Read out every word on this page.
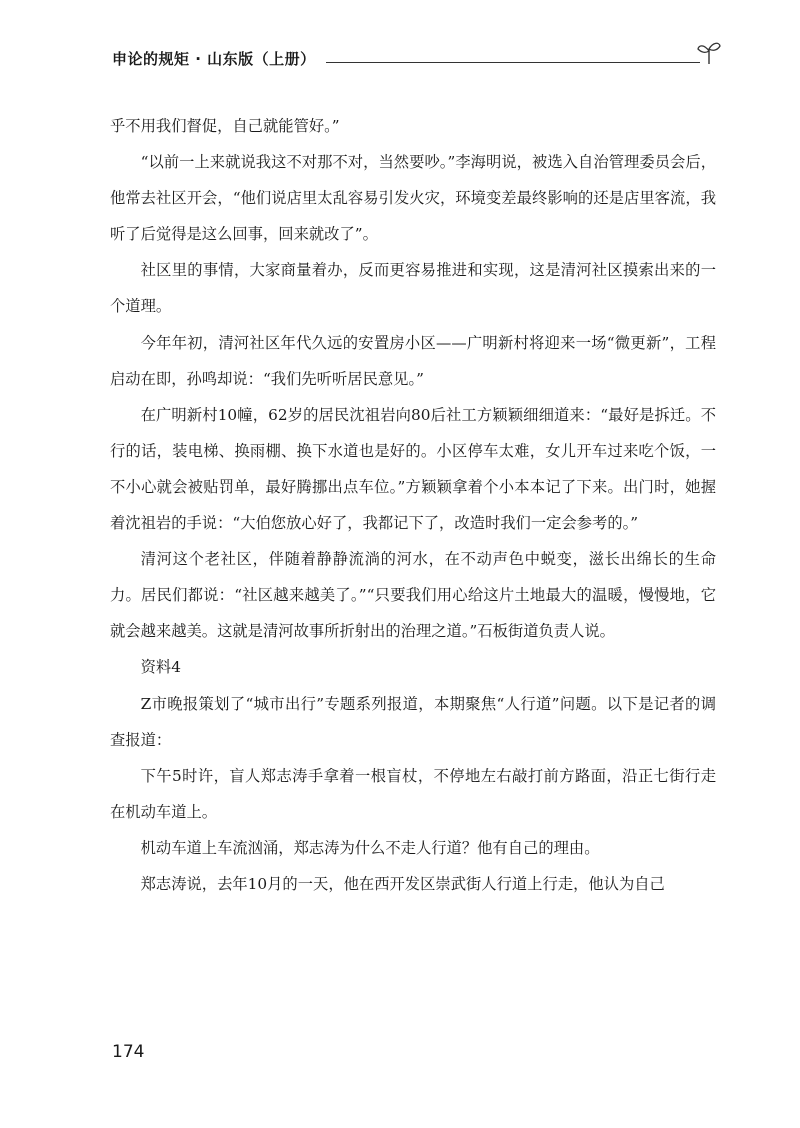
申论的规矩 · 山东版（上册）

乎不用我们督促，自己就能管好。”

“以前一上来就说我这不对那不对，当然要吵。”李海明说，被选入自治管理委员会后，他常去社区开会，“他们说店里太乱容易引发火灾，环境变差最终影响的还是店里客流，我听了后觉得是这么回事，回来就改了”。

社区里的事情，大家商量着办，反而更容易推进和实现，这是清河社区摸索出来的一个道理。

今年年初，清河社区年代久远的安置房小区——广明新村将迎来一场“微更新”，工程启动在即，孙鸣却说：“我们先听听居民意见。”

在广明新村10幢，62岁的居民沈祖岩向80后社工方颖颖细细道来：“最好是拆迁。不行的话，装电梯、换雨棚、换下水道也是好的。小区停车太难，女儿开车过来吃个饭，一不小心就会被贴罚单，最好腾挪出点车位。”方颖颖拿着个小本本记了下来。出门时，她握着沈祖岩的手说：“大伯您放心好了，我都记下了，改造时我们一定会参考的。”

清河这个老社区，伴随着静静流淌的河水，在不动声色中蜕变，滋长出绵长的生命力。居民们都说：“社区越来越美了。”“只要我们用心给这片土地最大的温暖，慢慢地，它就会越来越美。这就是清河故事所折射出的治理之道。”石板街道负责人说。

资料4

Z市晚报策划了“城市出行”专题系列报道，本期聚焦“人行道”问题。以下是记者的调查报道：

下午5时许，盲人郑志涛手拿着一根盲杖，不停地左右敲打前方路面，沿正七街行走在机动车道上。

机动车道上车流汹涌，郑志涛为什么不走人行道？他有自己的理由。

郑志涛说，去年10月的一天，他在西开发区崇武街人行道上行走，他认为自己

174
